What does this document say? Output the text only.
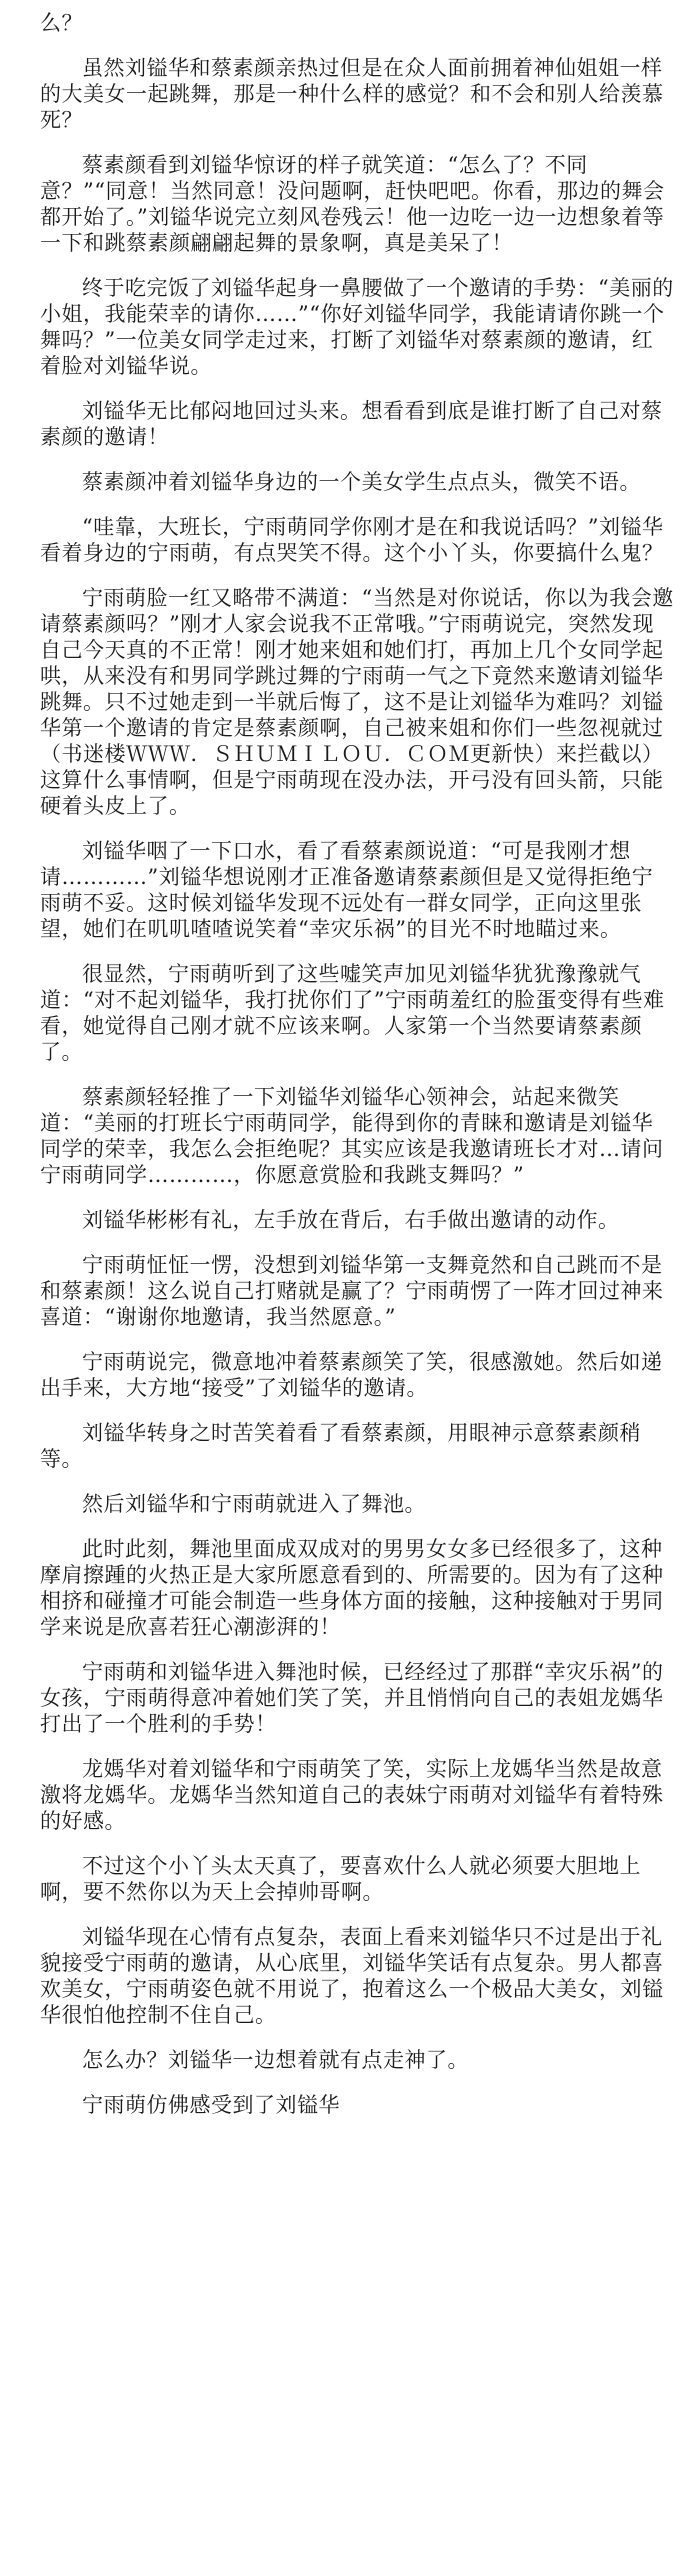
么？

虽然刘镒华和蔡素颜亲热过但是在众人面前拥着神仙姐姐一样的大美女一起跳舞，那是一种什么样的感觉？和不会和别人给羡慕死？

蔡素颜看到刘镒华惊讶的样子就笑道：“怎么了？不同意？”“同意！当然同意！没问题啊，赶快吧吧。你看，那边的舞会都开始了。”刘镒华说完立刻风卷残云！他一边吃一边一边想象着等一下和跳蔡素颜翩翩起舞的景象啊，真是美呆了！

终于吃完饭了刘镒华起身一鼻腰做了一个邀请的手势：“美丽的小姐，我能荣幸的请你……”“你好刘镒华同学，我能请请你跳一个舞吗？”一位美女同学走过来，打断了刘镒华对蔡素颜的邀请，红着脸对刘镒华说。

刘镒华无比郁闷地回过头来。想看看到底是谁打断了自己对蔡素颜的邀请！

蔡素颜冲着刘镒华身边的一个美女学生点点头，微笑不语。

“哇靠，大班长，宁雨萌同学你刚才是在和我说话吗？”刘镒华看着身边的宁雨萌，有点哭笑不得。这个小丫头，你要搞什么鬼？

宁雨萌脸一红又略带不满道：“当然是对你说话，你以为我会邀请蔡素颜吗？”刚才人家会说我不正常哦。”宁雨萌说完，突然发现自己今天真的不正常！刚才她来姐和她们打，再加上几个女同学起哄，从来没有和男同学跳过舞的宁雨萌一气之下竟然来邀请刘镒华跳舞。只不过她走到一半就后悔了，这不是让刘镒华为难吗？刘镒华第一个邀请的肯定是蔡素颜啊，自己被来姐和你们一些忽视就过（书迷楼ＷＷＷ．ＳＨＵＭＩＬＯＵ．ＣＯＭ更新快）来拦截以）这算什么事情啊，但是宁雨萌现在没办法，开弓没有回头箭，只能硬着头皮上了。

刘镒华咽了一下口水，看了看蔡素颜说道：“可是我刚才想请…………”刘镒华想说刚才正准备邀请蔡素颜但是又觉得拒绝宁雨萌不妥。这时候刘镒华发现不远处有一群女同学，正向这里张望，她们在叽叽喳喳说笑着“幸灾乐祸”的目光不时地瞄过来。

很显然，宁雨萌听到了这些嘘笑声加见刘镒华犹犹豫豫就气道：“对不起刘镒华，我打扰你们了”宁雨萌羞红的脸蛋变得有些难看，她觉得自己刚才就不应该来啊。人家第一个当然要请蔡素颜了。

蔡素颜轻轻推了一下刘镒华刘镒华心领神会，站起来微笑道：“美丽的打班长宁雨萌同学，能得到你的青睐和邀请是刘镒华同学的荣幸，我怎么会拒绝呢？其实应该是我邀请班长才对…请问宁雨萌同学…………，你愿意赏脸和我跳支舞吗？”

刘镒华彬彬有礼，左手放在背后，右手做出邀请的动作。

宁雨萌怔怔一愣，没想到刘镒华第一支舞竟然和自己跳而不是和蔡素颜！这么说自己打赌就是赢了？宁雨萌愣了一阵才回过神来喜道：“谢谢你地邀请，我当然愿意。”

宁雨萌说完，微意地冲着蔡素颜笑了笑，很感激她。然后如递出手来，大方地“接受”了刘镒华的邀请。

刘镒华转身之时苦笑着看了看蔡素颜，用眼神示意蔡素颜稍等。

然后刘镒华和宁雨萌就进入了舞池。

此时此刻，舞池里面成双成对的男男女女多已经很多了，这种摩肩擦踵的火热正是大家所愿意看到的、所需要的。因为有了这种相挤和碰撞才可能会制造一些身体方面的接触，这种接触对于男同学来说是欣喜若狂心潮澎湃的！

宁雨萌和刘镒华进入舞池时候，已经经过了那群“幸灾乐祸”的女孩，宁雨萌得意冲着她们笑了笑，并且悄悄向自己的表姐龙媽华打出了一个胜利的手势！

龙媽华对着刘镒华和宁雨萌笑了笑，实际上龙媽华当然是故意激将龙媽华。龙媽华当然知道自己的表妹宁雨萌对刘镒华有着特殊的好感。

不过这个小丫头太天真了，要喜欢什么人就必须要大胆地上啊，要不然你以为天上会掉帅哥啊。

刘镒华现在心情有点复杂，表面上看来刘镒华只不过是出于礼貌接受宁雨萌的邀请，从心底里，刘镒华笑话有点复杂。男人都喜欢美女，宁雨萌姿色就不用说了，抱着这么一个极品大美女，刘镒华很怕他控制不住自己。

怎么办？刘镒华一边想着就有点走神了。

宁雨萌仿佛感受到了刘镒华
